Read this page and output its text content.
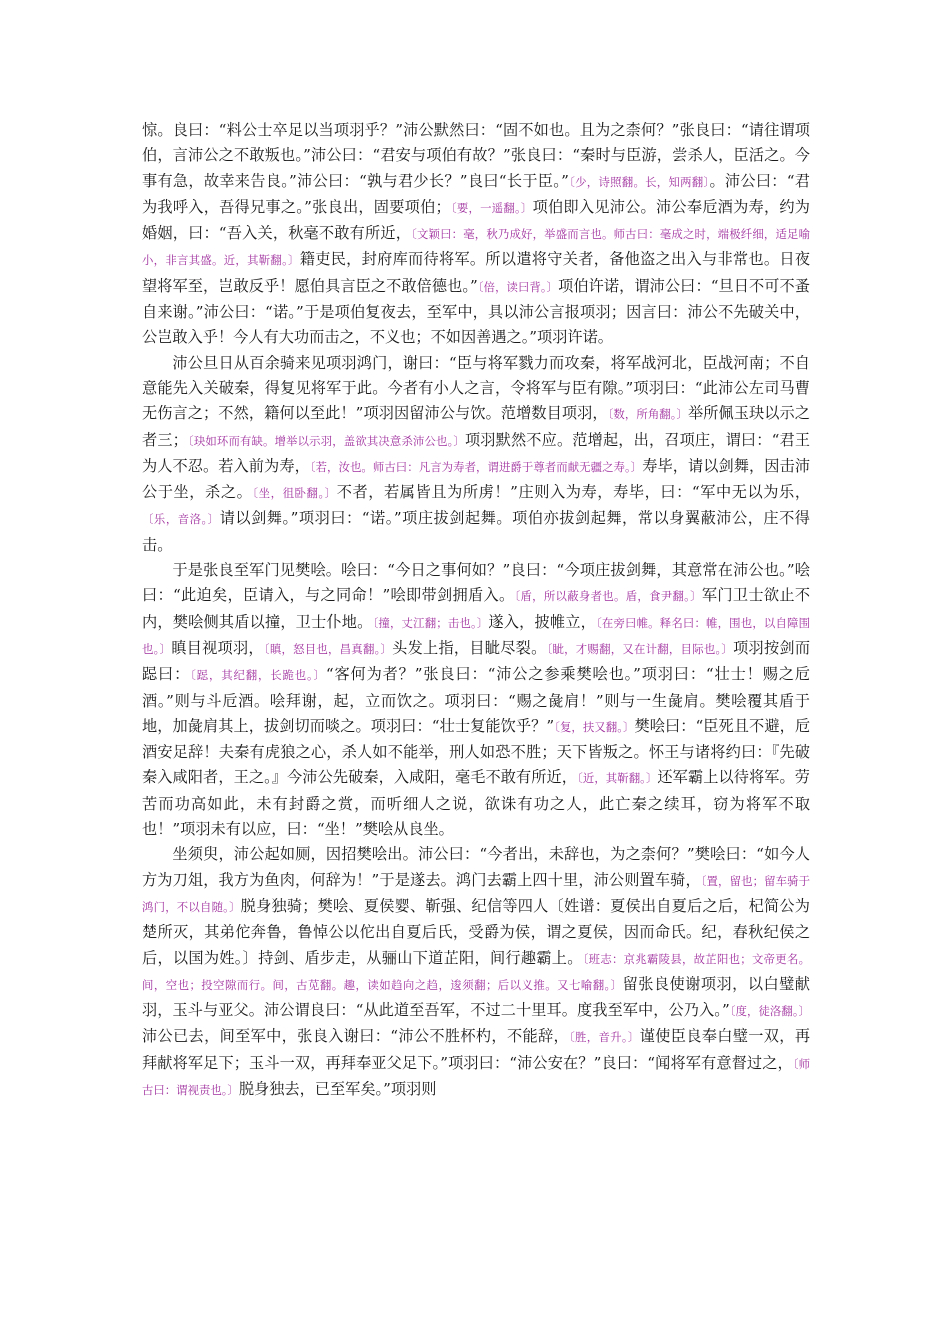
惊。良曰：“料公士卒足以当项羽乎？”沛公默然曰：“固不如也。且为之柰何？”张良曰：“请往谓项伯，言沛公之不敢叛也。”沛公曰：“君安与项伯有故？”张良曰：“秦时与臣游，尝杀人，臣活之。今事有急，故幸来告良。”沛公曰：“孰与君少长？”良曰“长于臣。”〔少，诗照翻。长，知两翻〕。沛公曰：“君为我呼入，吾得兄事之。”张良出，固要项伯；〔要，一遥翻。〕项伯即入见沛公。沛公奉卮酒为寿，约为婚姻，曰：“吾入关，秋毫不敢有所近，〔文颖曰：毫，秋乃成好，举盛而言也。师古曰：毫成之时，端极纤细，适足喻小，非言其盛。近，其靳翻。〕籍吏民，封府库而待将军。所以遣将守关者，备他盗之出入与非常也。日夜望将军至，岂敢反乎！愿伯具言臣之不敢倍德也。”〔倍，读曰背。〕项伯许诺，谓沛公曰：“旦日不可不蚤自来谢。”沛公曰：“诺。”于是项伯复夜去，至军中，具以沛公言报项羽；因言曰：沛公不先破关中，公岂敢入乎！今人有大功而击之，不义也；不如因善遇之。”项羽许诺。

沛公旦日从百余骑来见项羽鸿门，谢曰：“臣与将军戮力而攻秦，将军战河北，臣战河南；不自意能先入关破秦，得复见将军于此。今者有小人之言，令将军与臣有隙。”项羽曰：“此沛公左司马曹无伤言之；不然，籍何以至此！”项羽因留沛公与饮。范增数目项羽，〔数，所角翻。〕举所佩玉玦以示之者三；〔玦如环而有缺。增举以示羽，盖欲其决意杀沛公也。〕项羽默然不应。范增起，出，召项庄，谓曰：“君王为人不忍。若入前为寿，〔若，汝也。师古曰：凡言为寿者，谓进爵于尊者而献无疆之寿。〕寿毕，请以剑舞，因击沛公于坐，杀之。〔坐，徂卧翻。〕不者，若属皆且为所虏！”庄则入为寿，寿毕，曰：“军中无以为乐，〔乐，音洛。〕请以剑舞。”项羽曰：“诺。”项庄拔剑起舞。项伯亦拔剑起舞，常以身翼蔽沛公，庄不得击。

于是张良至军门见樊哙。哙曰：“今日之事何如？”良曰：“今项庄拔剑舞，其意常在沛公也。”哙曰：“此迫矣，臣请入，与之同命！”哙即带剑拥盾入。〔盾，所以蔽身者也。盾，食尹翻。〕军门卫士欲止不内，樊哙侧其盾以撞，卫士仆地。〔撞，丈江翻；击也。〕遂入，披帷立，〔在旁曰帷。释名曰：帷，围也，以自障围也。〕瞋目视项羽，〔瞋，怒目也，昌真翻。〕头发上指，目眦尽裂。〔眦，才赐翻，又在计翻，目际也。〕项羽按剑而跽曰：〔跽，其纪翻，长跪也。〕“客何为者？”张良曰：“沛公之参乘樊哙也。”项羽曰：“壮士！赐之卮酒。”则与斗卮酒。哙拜谢，起，立而饮之。项羽曰：“赐之彘肩！”则与一生彘肩。樊哙覆其盾于地，加彘肩其上，拔剑切而啖之。项羽曰：“壮士复能饮乎？”〔复，扶又翻。〕樊哙曰：“臣死且不避，卮酒安足辞！夫秦有虎狼之心，杀人如不能举，刑人如恐不胜；天下皆叛之。怀王与诸将约曰：『先破秦入咸阳者，王之。』今沛公先破秦，入咸阳，毫毛不敢有所近，〔近，其靳翻。〕还军霸上以待将军。劳苦而功高如此，未有封爵之赏，而听细人之说，欲诛有功之人，此亡秦之续耳，窃为将军不取也！”项羽未有以应，曰：“坐！”樊哙从良坐。

坐须臾，沛公起如厕，因招樊哙出。沛公曰：“今者出，未辞也，为之柰何？”樊哙曰：“如今人方为刀俎，我方为鱼肉，何辞为！”于是遂去。鸿门去霸上四十里，沛公则置车骑，〔置，留也；留车骑于鸿门，不以自随。〕脱身独骑；樊哙、夏侯婴、靳强、纪信等四人〔姓谱：夏侯出自夏后之后，杞简公为楚所灭，其弟佗奔鲁，鲁悼公以佗出自夏后氏，受爵为侯，谓之夏侯，因而命氏。纪，春秋纪侯之后，以国为姓。〕持剑、盾步走，从骊山下道芷阳，间行趣霸上。〔班志：京兆霸陵县，故芷阳也；文帝更名。间，空也；投空隙而行。间，古苋翻。趣，读如趋向之趋，逡须翻；后以义推。又七喻翻。〕留张良使谢项羽，以白璧献羽，玉斗与亚父。沛公谓良曰：“从此道至吾军，不过二十里耳。度我至军中，公乃入。”〔度，徒洛翻。〕沛公已去，间至军中，张良入谢曰：“沛公不胜杯杓，不能辞，〔胜，音升。〕谨使臣良奉白璧一双，再拜献将军足下；玉斗一双，再拜奉亚父足下。”项羽曰：“沛公安在？”良曰：“闻将军有意督过之，〔师古曰：谓视责也。〕脱身独去，已至军矣。”项羽则
